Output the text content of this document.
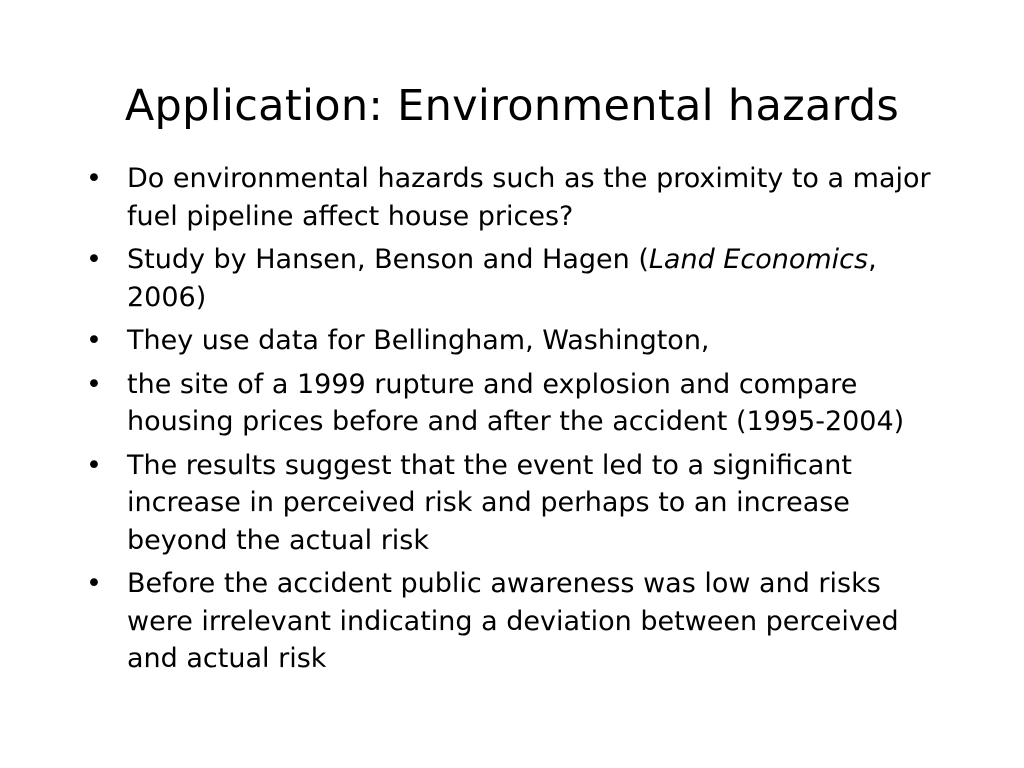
Application: Environmental hazards
• Do environmental hazards such as the proximity to a major fuel pipeline affect house prices?
• Study by Hansen, Benson and Hagen (Land Economics, 2006)
• They use data for Bellingham, Washington,
• the site of a 1999 rupture and explosion and compare housing prices before and after the accident (1995-2004)
• The results suggest that the event led to a significant increase in perceived risk and perhaps to an increase beyond the actual risk
• Before the accident public awareness was low and risks were irrelevant indicating a deviation between perceived and actual risk
